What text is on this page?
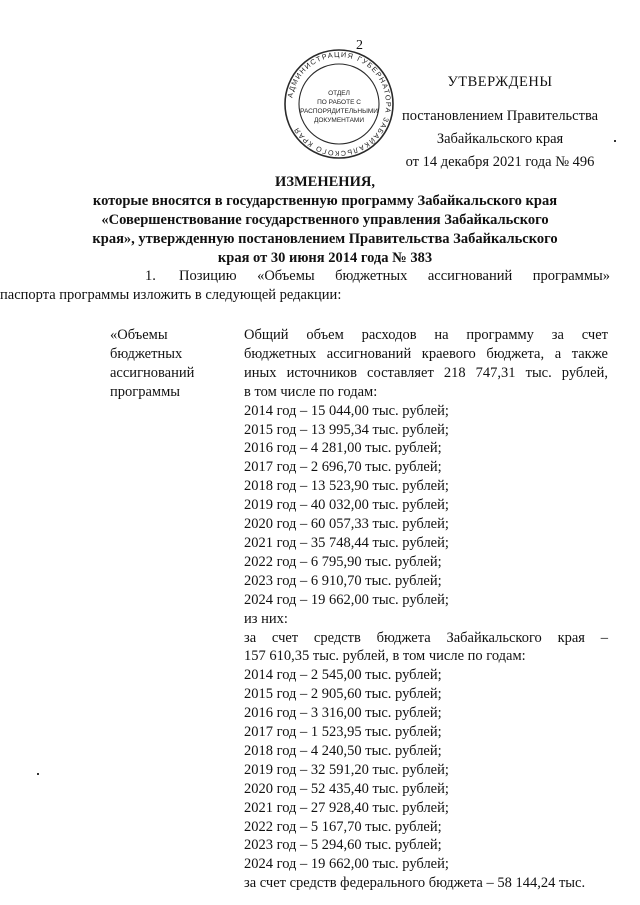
2
АДМИНИСТРАЦИЯ ГУБЕРНАТОРА ЗАБАЙКАЛЬСКОГО КРАЯ
ОТДЕЛ
ПО РАБОТЕ С
РАСПОРЯДИТЕЛЬНЫМИ
ДОКУМЕНТАМИ
УТВЕРЖДЕНЫ
постановлением Правительства
Забайкальского края
от 14 декабря 2021 года № 496
ИЗМЕНЕНИЯ,
которые вносятся в государственную программу Забайкальского края
«Совершенствование государственного управления Забайкальского
края», утвержденную постановлением Правительства Забайкальского
края от 30 июня 2014 года № 383
1. Позицию «Объемы бюджетных ассигнований программы»
паспорта программы изложить в следующей редакции:
«Объемы
бюджетных
ассигнований
программы
Общий объем расходов на программу за счет
бюджетных ассигнований краевого бюджета, а также
иных источников составляет 218 747,31 тыс. рублей,
в том числе по годам:
2014 год – 15 044,00 тыс. рублей;
2015 год – 13 995,34 тыс. рублей;
2016 год – 4 281,00 тыс. рублей;
2017 год – 2 696,70 тыс. рублей;
2018 год – 13 523,90 тыс. рублей;
2019 год – 40 032,00 тыс. рублей;
2020 год – 60 057,33 тыс. рублей;
2021 год – 35 748,44 тыс. рублей;
2022 год – 6 795,90 тыс. рублей;
2023 год – 6 910,70 тыс. рублей;
2024 год – 19 662,00 тыс. рублей;
из них:
за счет средств бюджета Забайкальского края –
157 610,35 тыс. рублей, в том числе по годам:
2014 год – 2 545,00 тыс. рублей;
2015 год – 2 905,60 тыс. рублей;
2016 год – 3 316,00 тыс. рублей;
2017 год – 1 523,95 тыс. рублей;
2018 год – 4 240,50 тыс. рублей;
2019 год – 32 591,20 тыс. рублей;
2020 год – 52 435,40 тыс. рублей;
2021 год – 27 928,40 тыс. рублей;
2022 год – 5 167,70 тыс. рублей;
2023 год – 5 294,60 тыс. рублей;
2024 год – 19 662,00 тыс. рублей;
за счет средств федерального бюджета – 58 144,24 тыс.
